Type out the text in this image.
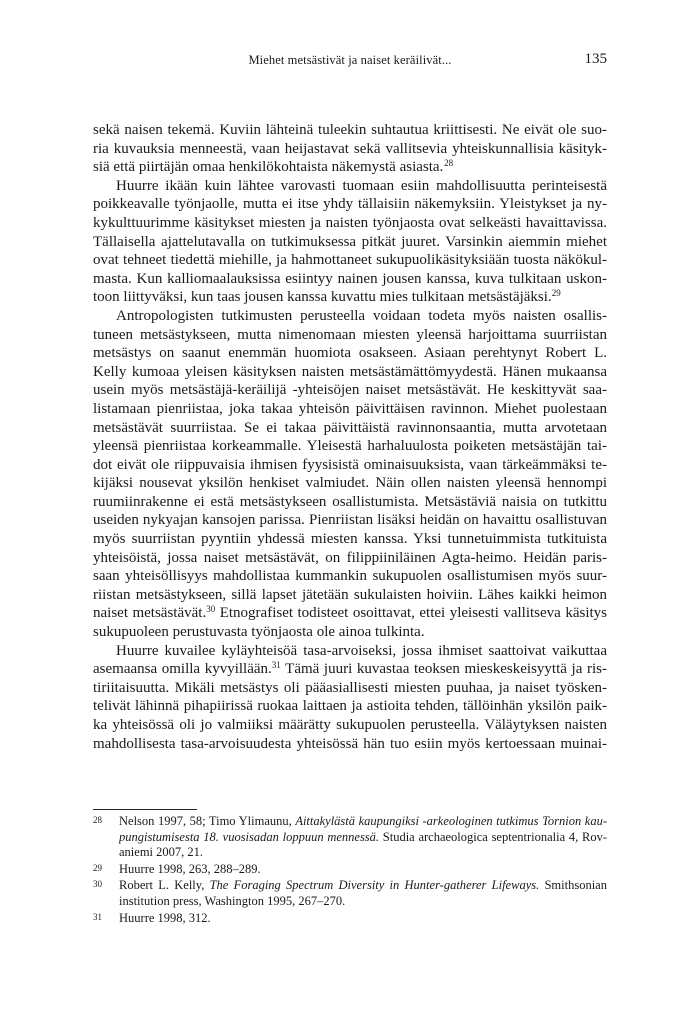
Miehet metsästivät ja naiset keräilivät...	135

sekä naisen tekemä. Kuviin lähteinä tuleekin suhtautua kriittisesti. Ne eivät ole suo-
ria kuvauksia menneestä, vaan heijastavat sekä vallitsevia yhteiskunnallisia käsityk-
siä että piirtäjän omaa henkilökohtaista näkemystä asiasta. $^{28}$

Huurre ikään kuin lähtee varovasti tuomaan esiin mahdollisuutta perinteisestä
poikkeavalle työnjaolle, mutta ei itse yhdy tällaisiin näkemyksiin. Yleistykset ja ny-
kykulttuurimme käsitykset miesten ja naisten työnjaosta ovat selkeästi havaittavissa.
Tällaisella ajattelutavalla on tutkimuksessa pitkät juuret. Varsinkin aiemmin miehet
ovat tehneet tiedettä miehille, ja hahmottaneet sukupuolikäsityksiään tuosta näkökul-
masta. Kun kalliomaalauksissa esiintyy nainen jousen kanssa, kuva tulkitaan uskon-
toon liittyväksi, kun taas jousen kanssa kuvattu mies tulkitaan metsästäjäksi.$^{29}$

Antropologisten tutkimusten perusteella voidaan todeta myös naisten osallis-
tuneen metsästykseen, mutta nimenomaan miesten yleensä harjoittama suurriistan
metsästys on saanut enemmän huomiota osakseen. Asiaan perehtynyt Robert L.
Kelly kumoaa yleisen käsityksen naisten metsästämättömyydestä. Hänen mukaansa
usein myös metsästäjä-keräilijä -yhteisöjen naiset metsästävät. He keskittyvät saa-
listamaan pienriistaa, joka takaa yhteisön päivittäisen ravinnon. Miehet puolestaan
metsästävät suurriistaa. Se ei takaa päivittäistä ravinnonsaantia, mutta arvotetaan
yleensä pienriistaa korkeammalle. Yleisestä harhaluulosta poiketen metsästäjän tai-
dot eivät ole riippuvaisia ihmisen fyysisistä ominaisuuksista, vaan tärkeämmäksi te-
kijäksi nousevat yksilön henkiset valmiudet. Näin ollen naisten yleensä hennompi
ruumiinrakenne ei estä metsästykseen osallistumista. Metsästäviä naisia on tutkittu
useiden nykyajan kansojen parissa. Pienriistan lisäksi heidän on havaittu osallistuvan
myös suurriistan pyyntiin yhdessä miesten kanssa. Yksi tunnetuimmista tutkituista
yhteisöistä, jossa naiset metsästävät, on filippiiniläinen Agta-heimo. Heidän paris-
saan yhteisöllisyys mahdollistaa kummankin sukupuolen osallistumisen myös suur-
riistan metsästykseen, sillä lapset jätetään sukulaisten hoiviin. Lähes kaikki heimon
naiset metsästävät.$^{30}$ Etnografiset todisteet osoittavat, ettei yleisesti vallitseva käsitys
sukupuoleen perustuvasta työnjaosta ole ainoa tulkinta.

Huurre kuvailee kyläyhteisöä tasa-arvoiseksi, jossa ihmiset saattoivat vaikuttaa
asemaansa omilla kyvyillään.$^{31}$ Tämä juuri kuvastaa teoksen mieskeskeisyyttä ja ris-
tiriitaisuutta. Mikäli metsästys oli pääasiallisesti miesten puuhaa, ja naiset työsken-
telivät lähinnä pihapiirissä ruokaa laittaen ja astioita tehden, tällöinhän yksilön paik-
ka yhteisössä oli jo valmiiksi määrätty sukupuolen perusteella. Väläytyksen naisten
mahdollisesta tasa-arvoisuudesta yhteisössä hän tuo esiin myös kertoessaan muinai-

28 Nelson 1997, 58; Timo Ylimaunu, Aittakylästä kaupungiksi -arkeologinen tutkimus Tornion kau-
pungistumisesta 18. vuosisadan loppuun mennessä. Studia archaeologica septentrionalia 4, Rov-
aniemi 2007, 21.
29 Huurre 1998, 263, 288–289.
30 Robert L. Kelly, The Foraging Spectrum Diversity in Hunter-gatherer Lifeways. Smithsonian
institution press, Washington 1995, 267–270.
31 Huurre 1998, 312.
